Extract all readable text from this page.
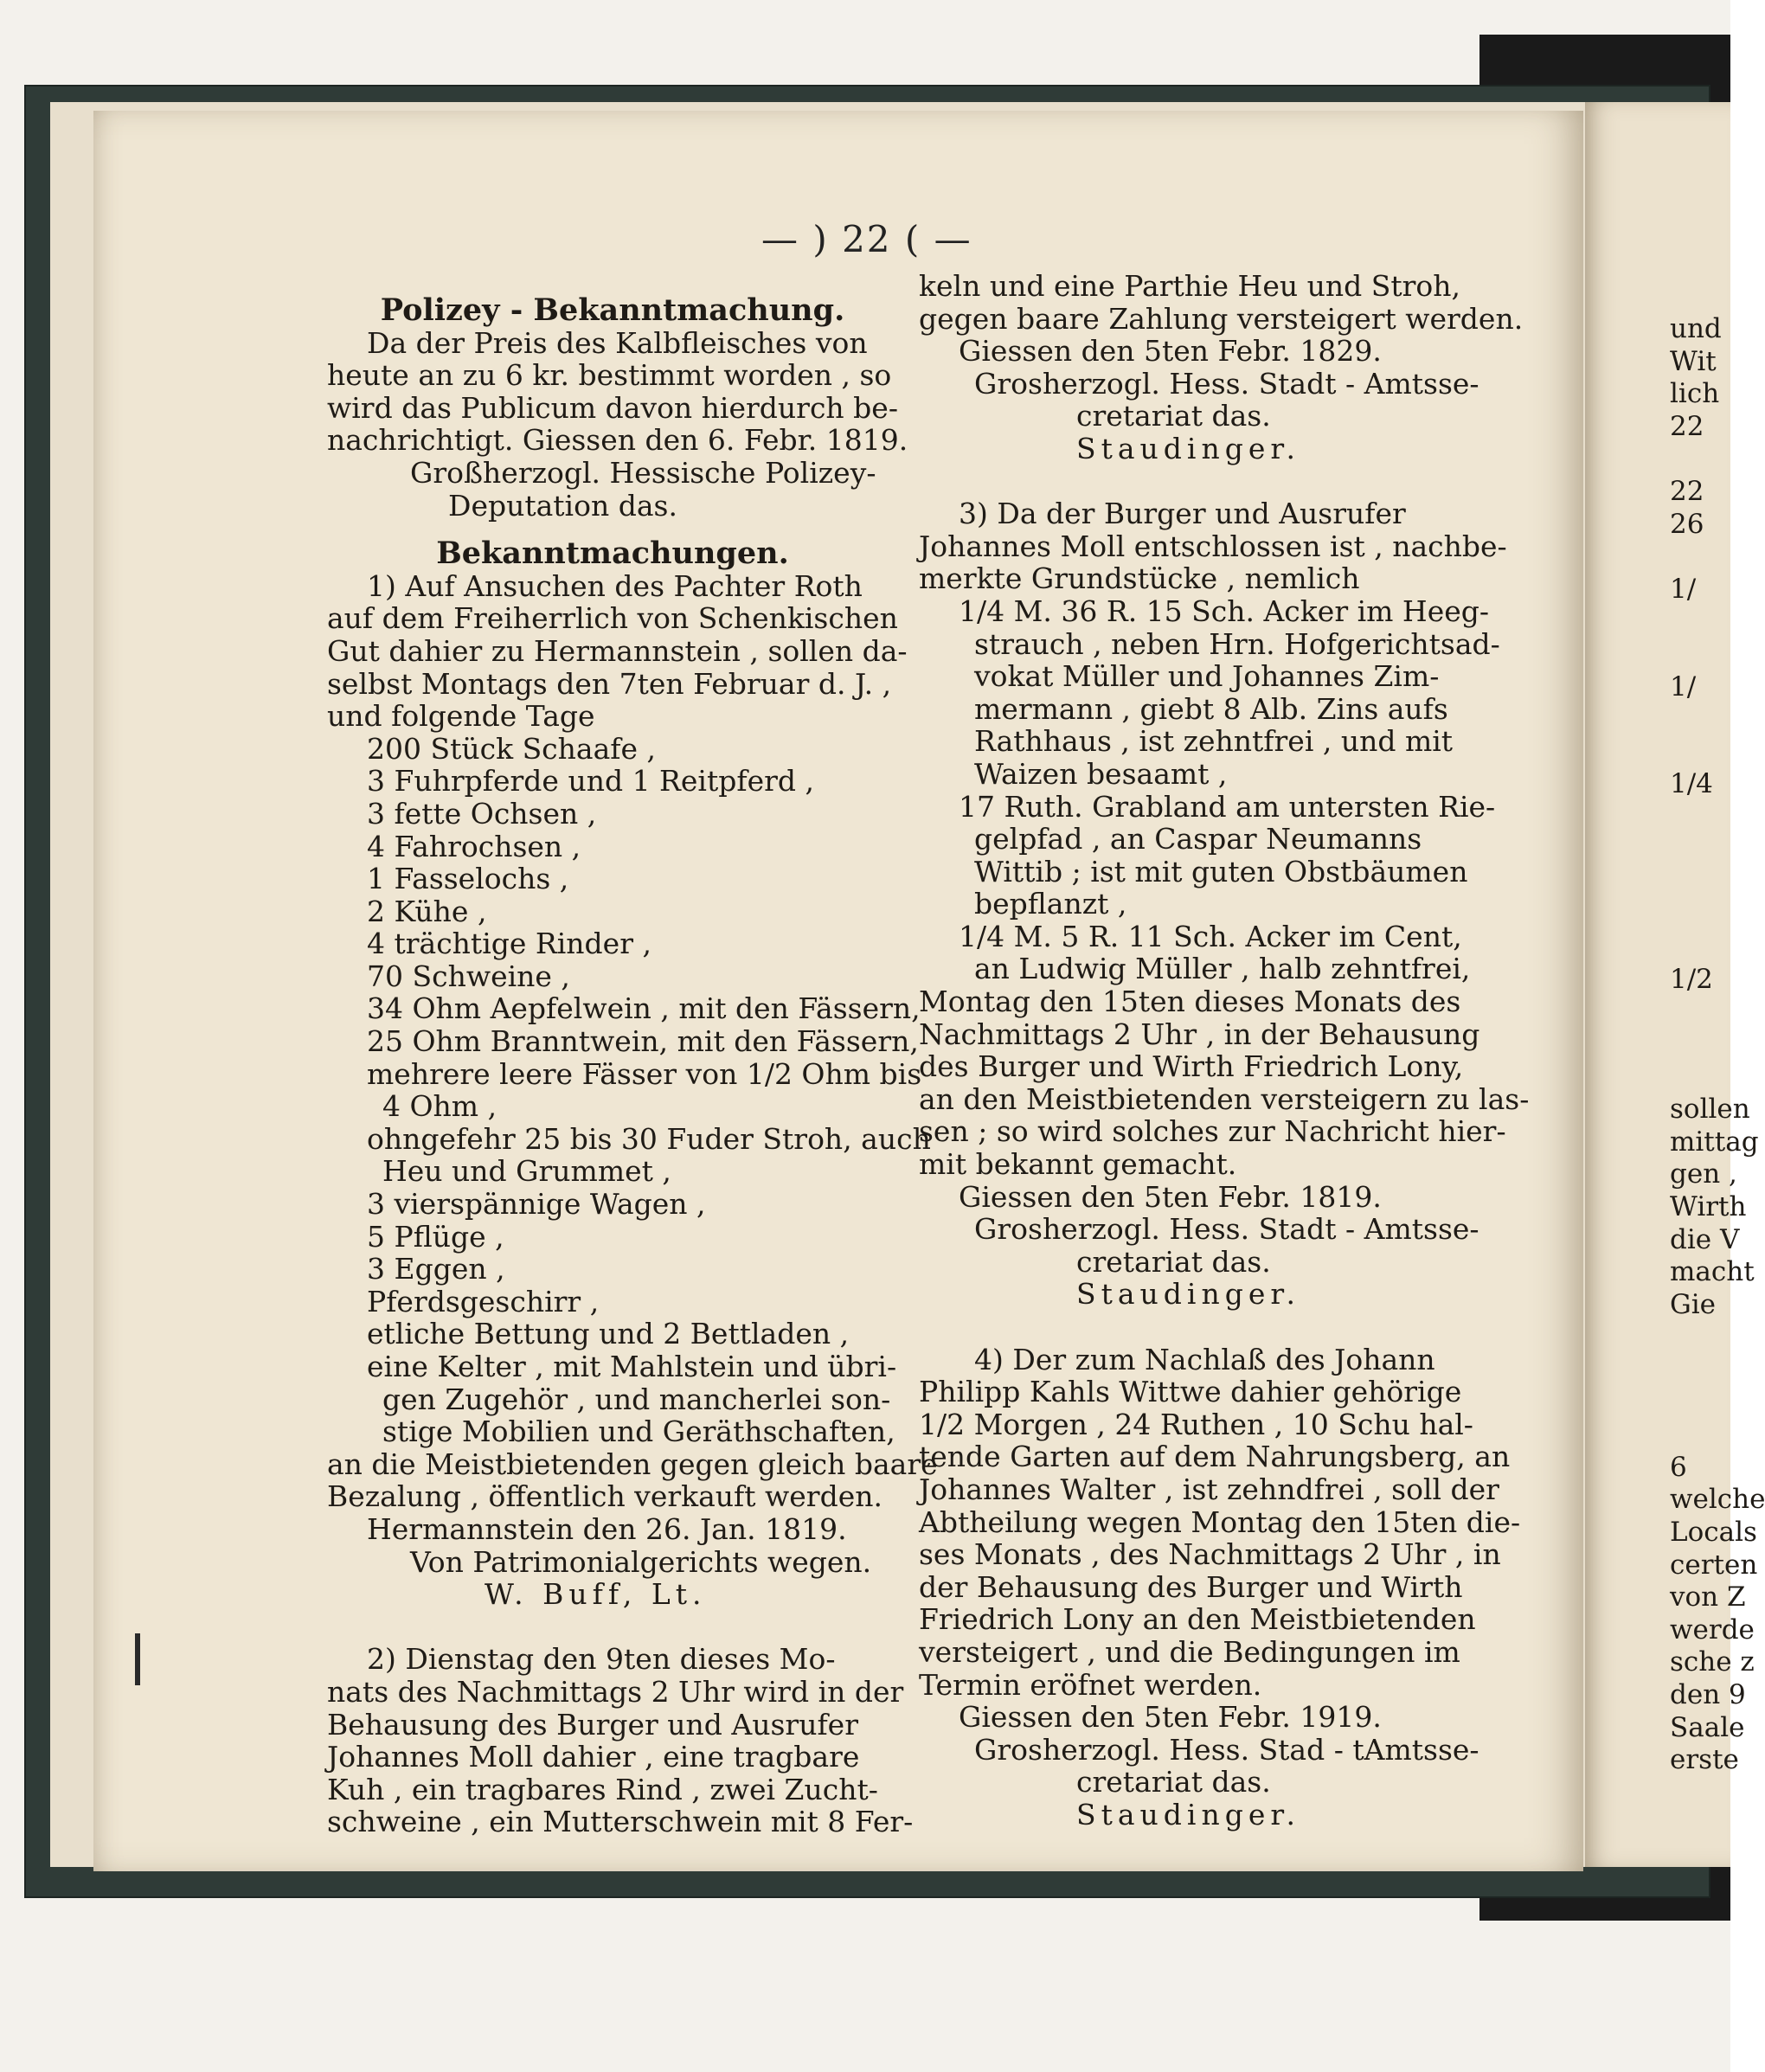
— ) 22 ( —
Polizey - Bekanntmachung.
Da der Preis des Kalbfleisches von
heute an zu 6 kr. bestimmt worden , so
wird das Publicum davon hierdurch be-
nachrichtigt. Giessen den 6. Febr. 1819.
Großherzogl. Hessische Polizey-
Deputation das.
Bekanntmachungen.
1) Auf Ansuchen des Pachter Roth
auf dem Freiherrlich von Schenkischen
Gut dahier zu Hermannstein , sollen da-
selbst Montags den 7ten Februar d. J. ,
und folgende Tage
200 Stück Schaafe ,
3 Fuhrpferde und 1 Reitpferd ,
3 fette Ochsen ,
4 Fahrochsen ,
1 Fasselochs ,
2 Kühe ,
4 trächtige Rinder ,
70 Schweine ,
34 Ohm Aepfelwein , mit den Fässern,
25 Ohm Branntwein, mit den Fässern,
mehrere leere Fässer von 1/2 Ohm bis
4 Ohm ,
ohngefehr 25 bis 30 Fuder Stroh, auch
Heu und Grummet ,
3 vierspännige Wagen ,
5 Pflüge ,
3 Eggen ,
Pferdsgeschirr ,
etliche Bettung und 2 Bettladen ,
eine Kelter , mit Mahlstein und übri-
gen Zugehör , und mancherlei son-
stige Mobilien und Geräthschaften,
an die Meistbietenden gegen gleich baare
Bezalung , öffentlich verkauft werden.
Hermannstein den 26. Jan. 1819.
Von Patrimonialgerichts wegen.
W. Buff, Lt.
2) Dienstag den 9ten dieses Mo-
nats des Nachmittags 2 Uhr wird in der
Behausung des Burger und Ausrufer
Johannes Moll dahier , eine tragbare
Kuh , ein tragbares Rind , zwei Zucht-
schweine , ein Mutterschwein mit 8 Fer-
keln und eine Parthie Heu und Stroh,
gegen baare Zahlung versteigert werden.
Giessen den 5ten Febr. 1829.
Grosherzogl. Hess. Stadt - Amtsse-
cretariat das.
Staudinger.
3) Da der Burger und Ausrufer
Johannes Moll entschlossen ist , nachbe-
merkte Grundstücke , nemlich
1/4 M. 36 R. 15 Sch. Acker im Heeg-
strauch , neben Hrn. Hofgerichtsad-
vokat Müller und Johannes Zim-
mermann , giebt 8 Alb. Zins aufs
Rathhaus , ist zehntfrei , und mit
Waizen besaamt ,
17 Ruth. Grabland am untersten Rie-
gelpfad , an Caspar Neumanns
Wittib ; ist mit guten Obstbäumen
bepflanzt ,
1/4 M. 5 R. 11 Sch. Acker im Cent,
an Ludwig Müller , halb zehntfrei,
Montag den 15ten dieses Monats des
Nachmittags 2 Uhr , in der Behausung
des Burger und Wirth Friedrich Lony,
an den Meistbietenden versteigern zu las-
sen ; so wird solches zur Nachricht hier-
mit bekannt gemacht.
Giessen den 5ten Febr. 1819.
Grosherzogl. Hess. Stadt - Amtsse-
cretariat das.
Staudinger.
4) Der zum Nachlaß des Johann
Philipp Kahls Wittwe dahier gehörige
1/2 Morgen , 24 Ruthen , 10 Schu hal-
tende Garten auf dem Nahrungsberg, an
Johannes Walter , ist zehndfrei , soll der
Abtheilung wegen Montag den 15ten die-
ses Monats , des Nachmittags 2 Uhr , in
der Behausung des Burger und Wirth
Friedrich Lony an den Meistbietenden
versteigert , und die Bedingungen im
Termin eröfnet werden.
Giessen den 5ten Febr. 1919.
Grosherzogl. Hess. Stad - tAmtsse-
cretariat das.
Staudinger.
und
Wit
lich
22
22
26
1/
1/
1/4
1/2
sollen
mittag
gen ,
Wirth
die V
macht
Gie
6
welche
Locals
certen
von Z
werde
sche z
den 9
Saale
erste
